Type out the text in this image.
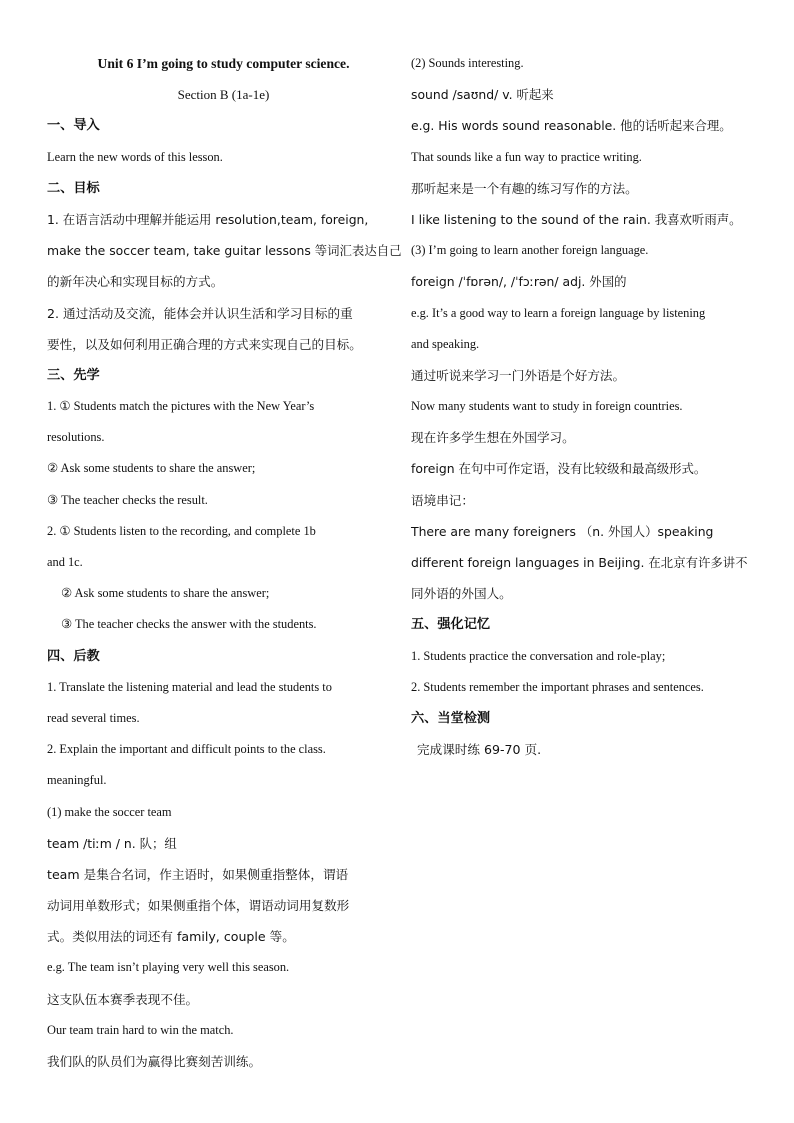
Unit 6 I’m going to study computer science.
Section B (1a-1e)
一、导入
Learn the new words of this lesson.
二、目标
1. 在语言活动中理解并能运用 resolution,team, foreign,
make the soccer team, take guitar lessons 等词汇表达自己
的新年决心和实现目标的方式。
2. 通过活动及交流，能体会并认识生活和学习目标的重
要性，以及如何利用正确合理的方式来实现自己的目标。
三、先学
1. ① Students match the pictures with the New Year’s
resolutions.
② Ask some students to share the answer;
③ The teacher checks the result.
2. ① Students listen to the recording, and complete 1b
and 1c.
② Ask some students to share the answer;
③ The teacher checks the answer with the students.
四、后教
1. Translate the listening material and lead the students to
read several times.
2. Explain the important and difficult points to the class.
meaningful.
(1) make the soccer team
team /tiːm / n. 队；组
team 是集合名词，作主语时，如果侧重指整体，谓语
动词用单数形式；如果侧重指个体，谓语动词用复数形
式。类似用法的词还有 family, couple 等。
e.g. The team isn’t playing very well this season.
这支队伍本赛季表现不佳。
Our team train hard to win the match.
我们队的队员们为赢得比赛刻苦训练。
(2) Sounds interesting.
sound /saʊnd/ v. 听起来
e.g. His words sound reasonable. 他的话听起来合理。
That sounds like a fun way to practice writing.
那听起来是一个有趣的练习写作的方法。
I like listening to the sound of the rain. 我喜欢听雨声。
(3) I’m going to learn another foreign language.
foreign /ˈfɒrən/, /ˈfɔːrən/ adj. 外国的
e.g. It’s a good way to learn a foreign language by listening
and speaking.
通过听说来学习一门外语是个好方法。
Now many students want to study in foreign countries.
现在许多学生想在外国学习。
foreign 在句中可作定语，没有比较级和最高级形式。
语境串记：
There are many foreigners （n. 外国人）speaking
different foreign languages in Beijing. 在北京有许多讲不
同外语的外国人。
五、强化记忆
1. Students practice the conversation and role-play;
2. Students remember the important phrases and sentences.
六、当堂检测
完成课时练 69-70 页.
